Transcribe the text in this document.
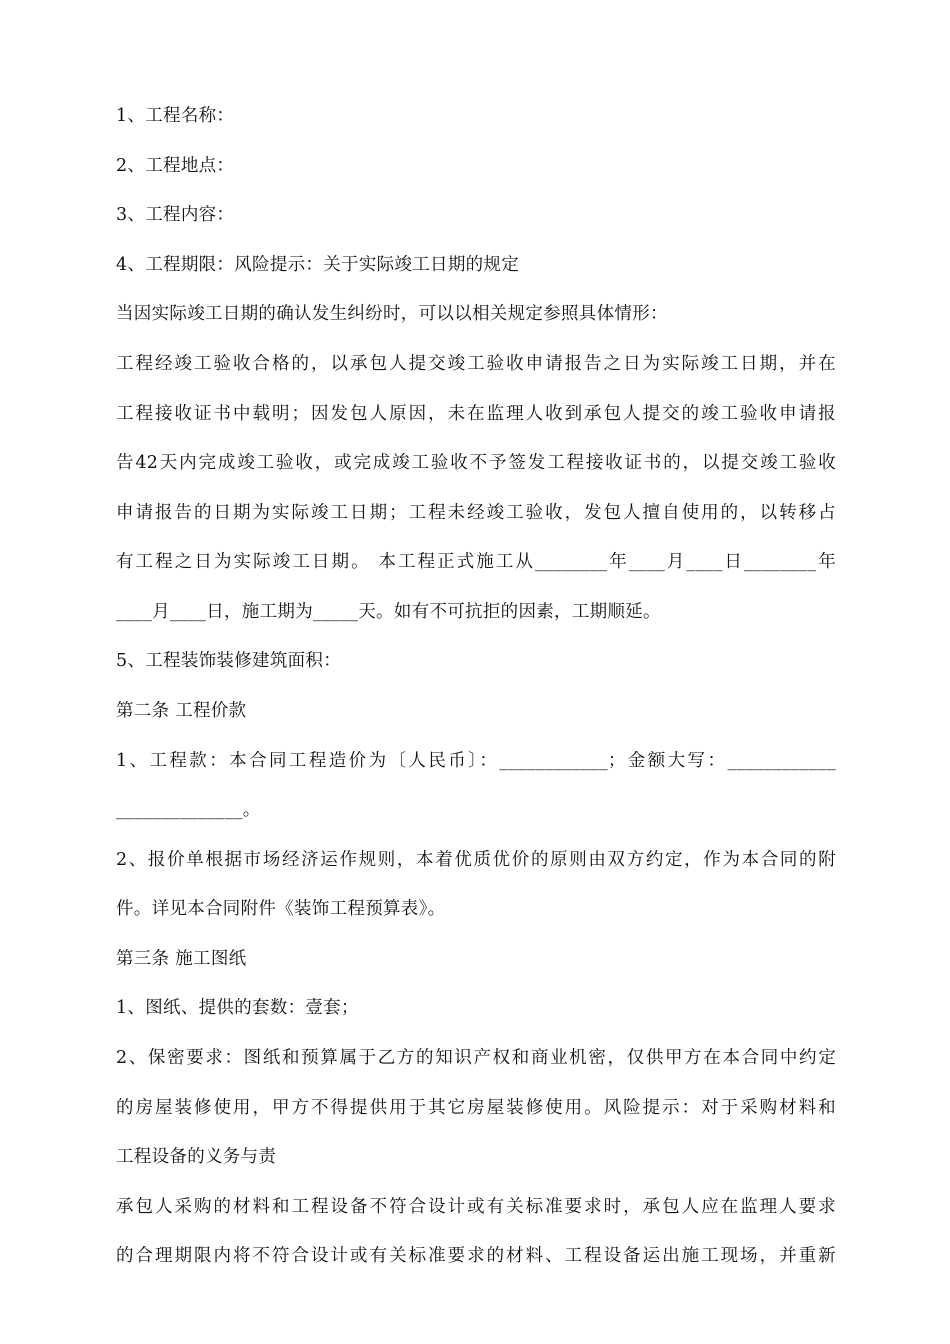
1、工程名称：
2、工程地点：
3、工程内容：
4、工程期限：风险提示：关于实际竣工日期的规定
当因实际竣工日期的确认发生纠纷时，可以以相关规定参照具体情形：
工程经竣工验收合格的，以承包人提交竣工验收申请报告之日为实际竣工日期，并在
工程接收证书中载明；因发包人原因，未在监理人收到承包人提交的竣工验收申请报
告42天内完成竣工验收，或完成竣工验收不予签发工程接收证书的，以提交竣工验收
申请报告的日期为实际竣工日期；工程未经竣工验收，发包人擅自使用的，以转移占
有工程之日为实际竣工日期。 本工程正式施工从________年____月____日________年
____月____日，施工期为_____天。如有不可抗拒的因素，工期顺延。
5、工程装饰装修建筑面积：
第二条 工程价款
1、工程款：本合同工程造价为〔人民币〕：____________；金额大写：____________
______________。
2、报价单根据市场经济运作规则，本着优质优价的原则由双方约定，作为本合同的附
件。详见本合同附件《装饰工程预算表》。
第三条 施工图纸
1、图纸、提供的套数：壹套；
2、保密要求：图纸和预算属于乙方的知识产权和商业机密，仅供甲方在本合同中约定
的房屋装修使用，甲方不得提供用于其它房屋装修使用。风险提示：对于采购材料和
工程设备的义务与责
承包人采购的材料和工程设备不符合设计或有关标准要求时，承包人应在监理人要求
的合理期限内将不符合设计或有关标准要求的材料、工程设备运出施工现场，并重新
